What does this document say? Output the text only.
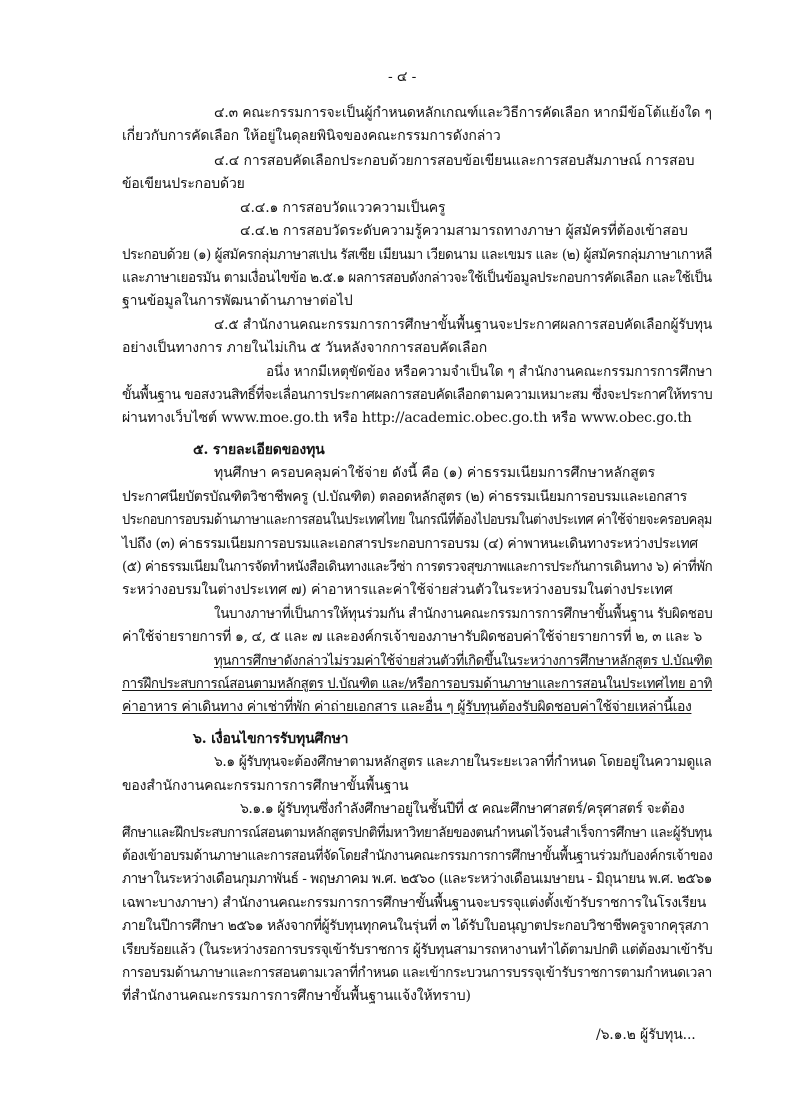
- ๔ -
๔.๓ คณะกรรมการจะเป็นผู้กำหนดหลักเกณฑ์และวิธีการคัดเลือก หากมีข้อโต้แย้งใด ๆ
เกี่ยวกับการคัดเลือก ให้อยู่ในดุลยพินิจของคณะกรรมการดังกล่าว
๔.๔ การสอบคัดเลือกประกอบด้วยการสอบข้อเขียนและการสอบสัมภาษณ์ การสอบ
ข้อเขียนประกอบด้วย
๔.๔.๑ การสอบวัดแววความเป็นครู
๔.๔.๒ การสอบวัดระดับความรู้ความสามารถทางภาษา ผู้สมัครที่ต้องเข้าสอบ
ประกอบด้วย (๑) ผู้สมัครกลุ่มภาษาสเปน รัสเซีย เมียนมา เวียดนาม และเขมร และ (๒) ผู้สมัครกลุ่มภาษาเกาหลี
และภาษาเยอรมัน ตามเงื่อนไขข้อ ๒.๕.๑ ผลการสอบดังกล่าวจะใช้เป็นข้อมูลประกอบการคัดเลือก และใช้เป็น
ฐานข้อมูลในการพัฒนาด้านภาษาต่อไป
๔.๕ สำนักงานคณะกรรมการการศึกษาขั้นพื้นฐานจะประกาศผลการสอบคัดเลือกผู้รับทุน
อย่างเป็นทางการ ภายในไม่เกิน ๕ วันหลังจากการสอบคัดเลือก
อนึ่ง หากมีเหตุขัดข้อง หรือความจำเป็นใด ๆ สำนักงานคณะกรรมการการศึกษา
ขั้นพื้นฐาน ขอสงวนสิทธิ์ที่จะเลื่อนการประกาศผลการสอบคัดเลือกตามความเหมาะสม ซึ่งจะประกาศให้ทราบ
ผ่านทางเว็บไซต์ www.moe.go.th หรือ http://academic.obec.go.th หรือ www.obec.go.th
๕. รายละเอียดของทุน
ทุนศึกษา ครอบคลุมค่าใช้จ่าย ดังนี้ คือ (๑) ค่าธรรมเนียมการศึกษาหลักสูตร
ประกาศนียบัตรบัณฑิตวิชาชีพครู (ป.บัณฑิต) ตลอดหลักสูตร (๒) ค่าธรรมเนียมการอบรมและเอกสาร
ประกอบการอบรมด้านภาษาและการสอนในประเทศไทย ในกรณีที่ต้องไปอบรมในต่างประเทศ ค่าใช้จ่ายจะครอบคลุม
ไปถึง (๓) ค่าธรรมเนียมการอบรมและเอกสารประกอบการอบรม (๔) ค่าพาหนะเดินทางระหว่างประเทศ
(๕) ค่าธรรมเนียมในการจัดทำหนังสือเดินทางและวีซ่า การตรวจสุขภาพและการประกันการเดินทาง ๖) ค่าที่พัก
ระหว่างอบรมในต่างประเทศ ๗) ค่าอาหารและค่าใช้จ่ายส่วนตัวในระหว่างอบรมในต่างประเทศ
ในบางภาษาที่เป็นการให้ทุนร่วมกัน สำนักงานคณะกรรมการการศึกษาขั้นพื้นฐาน รับผิดชอบ
ค่าใช้จ่ายรายการที่ ๑, ๔, ๕ และ ๗ และองค์กรเจ้าของภาษารับผิดชอบค่าใช้จ่ายรายการที่ ๒, ๓ และ ๖
ทุนการศึกษาดังกล่าวไม่รวมค่าใช้จ่ายส่วนตัวที่เกิดขึ้นในระหว่างการศึกษาหลักสูตร ป.บัณฑิต
การฝึกประสบการณ์สอนตามหลักสูตร ป.บัณฑิต และ/หรือการอบรมด้านภาษาและการสอนในประเทศไทย อาทิ
ค่าอาหาร ค่าเดินทาง ค่าเช่าที่พัก ค่าถ่ายเอกสาร และอื่น ๆ ผู้รับทุนต้องรับผิดชอบค่าใช้จ่ายเหล่านี้เอง
๖. เงื่อนไขการรับทุนศึกษา
๖.๑ ผู้รับทุนจะต้องศึกษาตามหลักสูตร และภายในระยะเวลาที่กำหนด โดยอยู่ในความดูแล
ของสำนักงานคณะกรรมการการศึกษาขั้นพื้นฐาน
๖.๑.๑ ผู้รับทุนซึ่งกำลังศึกษาอยู่ในชั้นปีที่ ๕ คณะศึกษาศาสตร์/ครุศาสตร์ จะต้อง
ศึกษาและฝึกประสบการณ์สอนตามหลักสูตรปกติที่มหาวิทยาลัยของตนกำหนดไว้จนสำเร็จการศึกษา และผู้รับทุน
ต้องเข้าอบรมด้านภาษาและการสอนที่จัดโดยสำนักงานคณะกรรมการการศึกษาขั้นพื้นฐานร่วมกับองค์กรเจ้าของ
ภาษาในระหว่างเดือนกุมภาพันธ์ - พฤษภาคม พ.ศ. ๒๕๖๐ (และระหว่างเดือนเมษายน - มิถุนายน พ.ศ. ๒๕๖๑
เฉพาะบางภาษา) สำนักงานคณะกรรมการการศึกษาขั้นพื้นฐานจะบรรจุแต่งตั้งเข้ารับราชการในโรงเรียน
ภายในปีการศึกษา ๒๕๖๑ หลังจากที่ผู้รับทุนทุกคนในรุ่นที่ ๓ ได้รับใบอนุญาตประกอบวิชาชีพครูจากคุรุสภา
เรียบร้อยแล้ว (ในระหว่างรอการบรรจุเข้ารับราชการ ผู้รับทุนสามารถหางานทำได้ตามปกติ แต่ต้องมาเข้ารับ
การอบรมด้านภาษาและการสอนตามเวลาที่กำหนด และเข้ากระบวนการบรรจุเข้ารับราชการตามกำหนดเวลา
ที่สำนักงานคณะกรรมการการศึกษาขั้นพื้นฐานแจ้งให้ทราบ)
/๖.๑.๒ ผู้รับทุน...
